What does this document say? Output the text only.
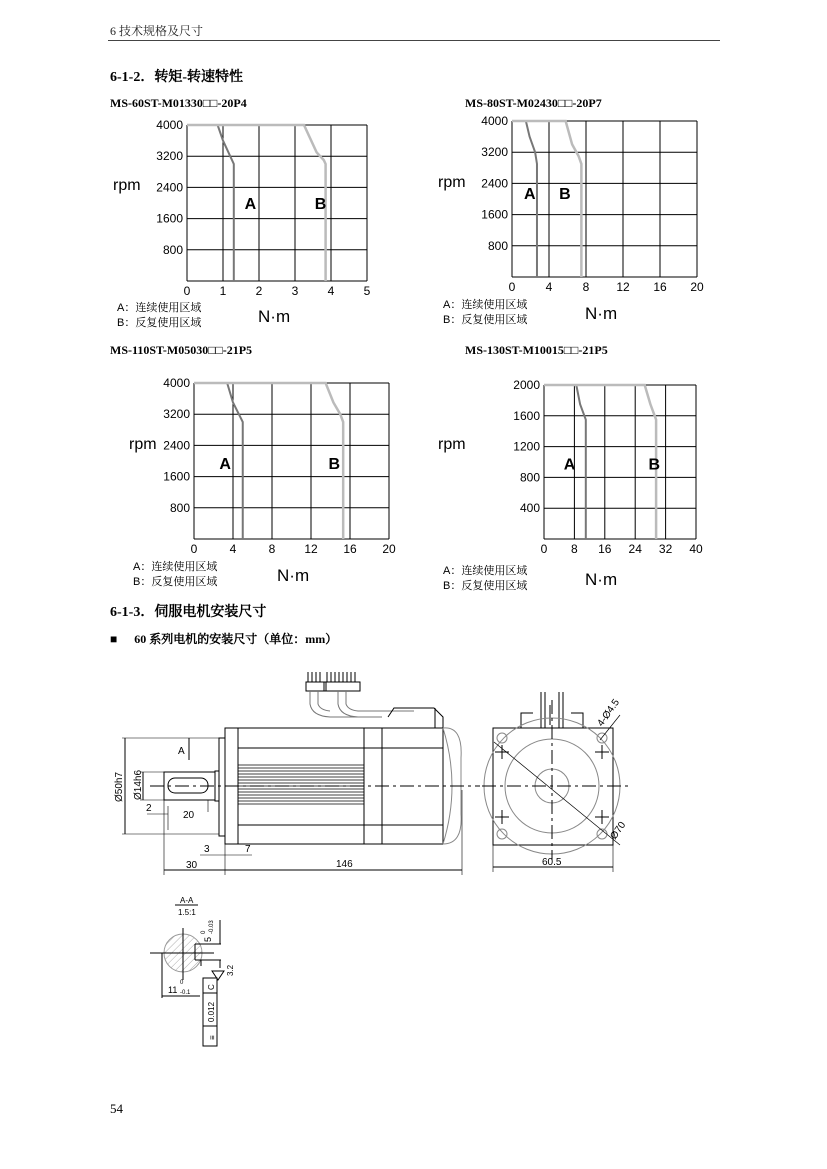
6 技术规格及尺寸
6-1-2．转矩-转速特性
MS-60ST-M01330□□-20P4	MS-80ST-M02430□□-20P7
MS-110ST-M05030□□-21P5	MS-130ST-M10015□□-21P5
0 1 2 3 4 5
800
1600
2400
3200
4000
A	B
rpm
A：连续使用区域
B：反复使用区域	N·m
0	4	8 12 16 20
800
1600
2400
3200
4000
A B
rpm
A：连续使用区域
B：反复使用区域	N·m
0	4	8 12 16 20
800
1600
2400
3200
4000
A	B
rpm
A：连续使用区域
B：反复使用区域	N·m
0 8 16 24 32 40
400
800
1200
1600
2000
A	B
rpm
A：连续使用区域
B：反复使用区域	N·m
6-1-3．伺服电机安装尺寸
■ 60 系列电机的安装尺寸（单位：mm）
Ø50h7 Ø14h6
A
2
20
3	7
30	146
4-Ø4.5
Ø70
60.5
A-A
1.5:1
5
0 -0.03
11
0
-0.1
3.2
C
0.012
≡
54
